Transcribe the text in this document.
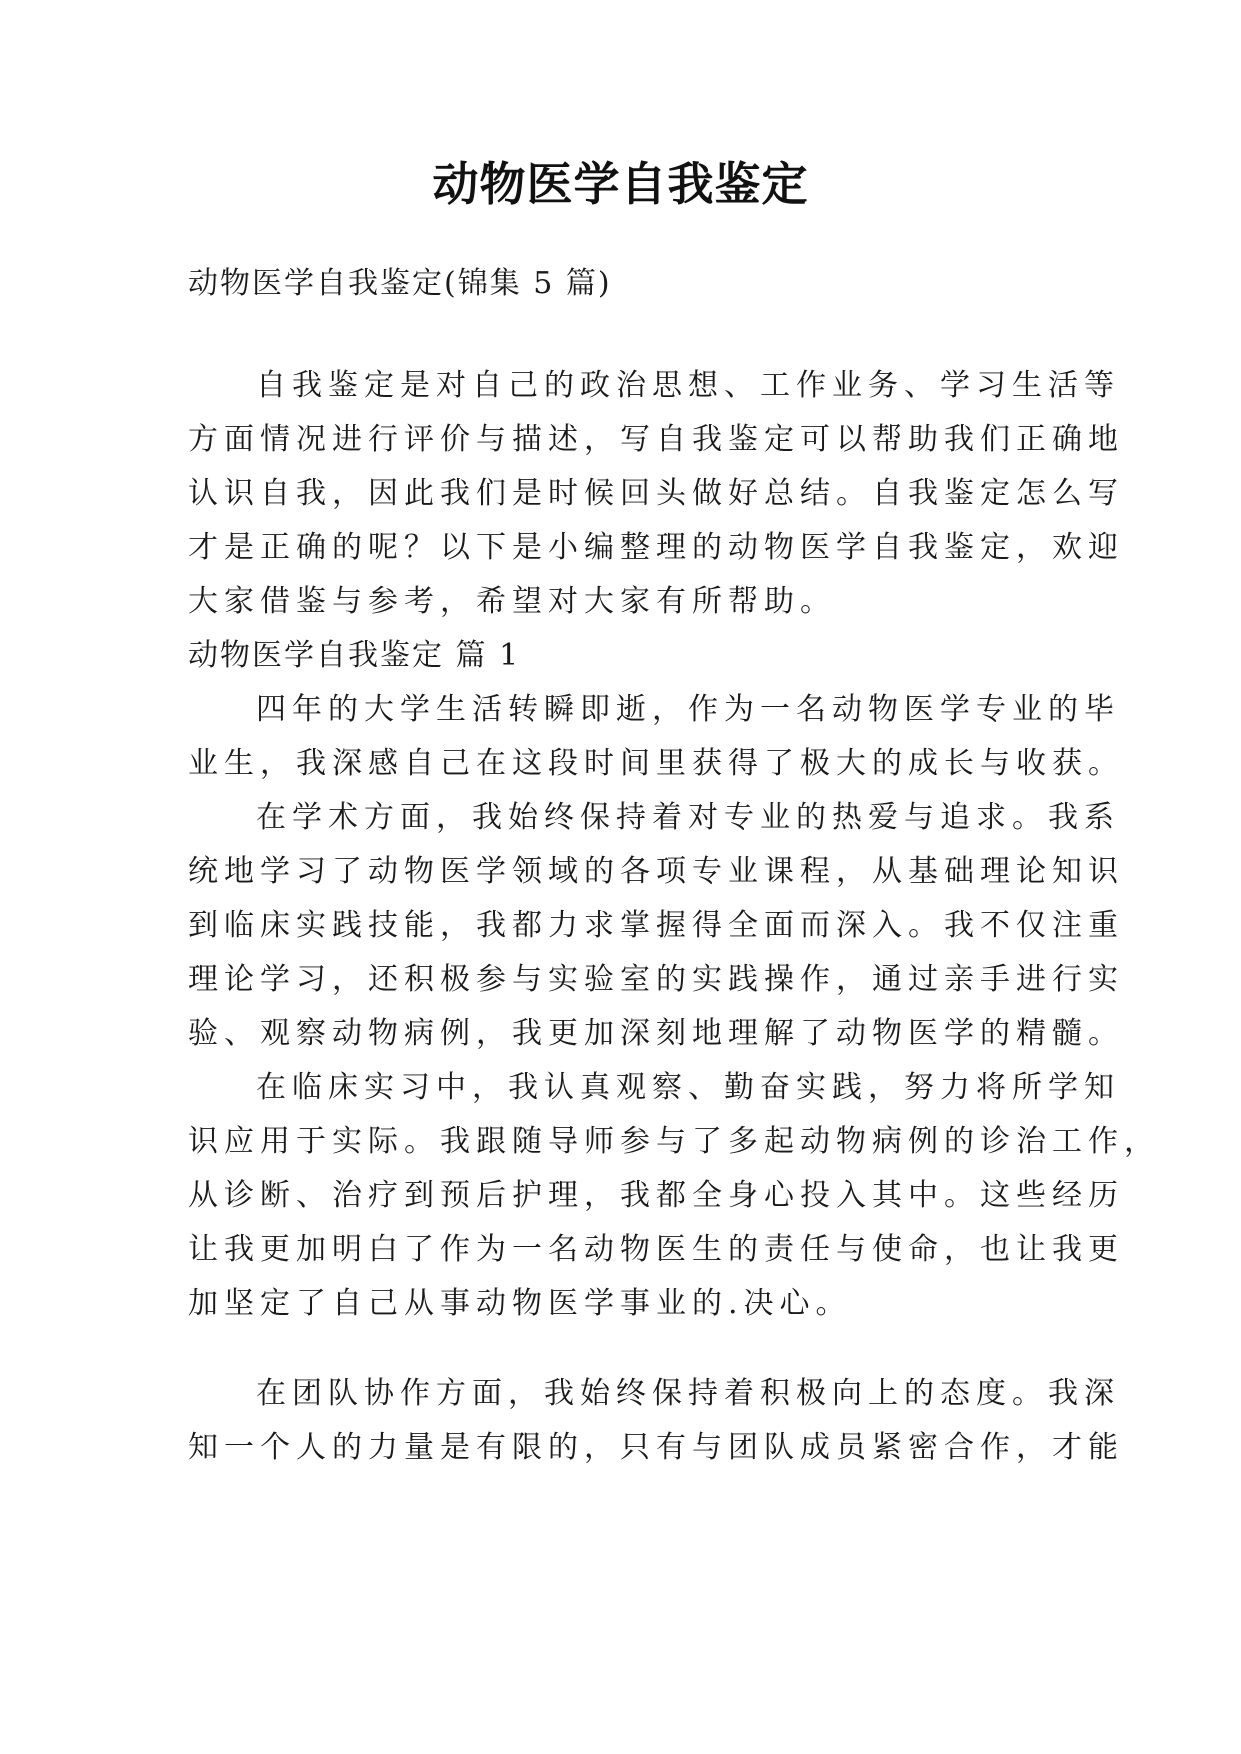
动物医学自我鉴定
动物医学自我鉴定(锦集 5 篇)
自我鉴定是对自己的政治思想、工作业务、学习生活等
方面情况进行评价与描述，写自我鉴定可以帮助我们正确地
认识自我，因此我们是时候回头做好总结。自我鉴定怎么写
才是正确的呢？以下是小编整理的动物医学自我鉴定，欢迎
大家借鉴与参考，希望对大家有所帮助。
动物医学自我鉴定 篇 1
四年的大学生活转瞬即逝，作为一名动物医学专业的毕
业生，我深感自己在这段时间里获得了极大的成长与收获。
在学术方面，我始终保持着对专业的热爱与追求。我系
统地学习了动物医学领域的各项专业课程，从基础理论知识
到临床实践技能，我都力求掌握得全面而深入。我不仅注重
理论学习，还积极参与实验室的实践操作，通过亲手进行实
验、观察动物病例，我更加深刻地理解了动物医学的精髓。
在临床实习中，我认真观察、勤奋实践，努力将所学知
识应用于实际。我跟随导师参与了多起动物病例的诊治工作，
从诊断、治疗到预后护理，我都全身心投入其中。这些经历
让我更加明白了作为一名动物医生的责任与使命，也让我更
加坚定了自己从事动物医学事业的.决心。
在团队协作方面，我始终保持着积极向上的态度。我深
知一个人的力量是有限的，只有与团队成员紧密合作，才能
